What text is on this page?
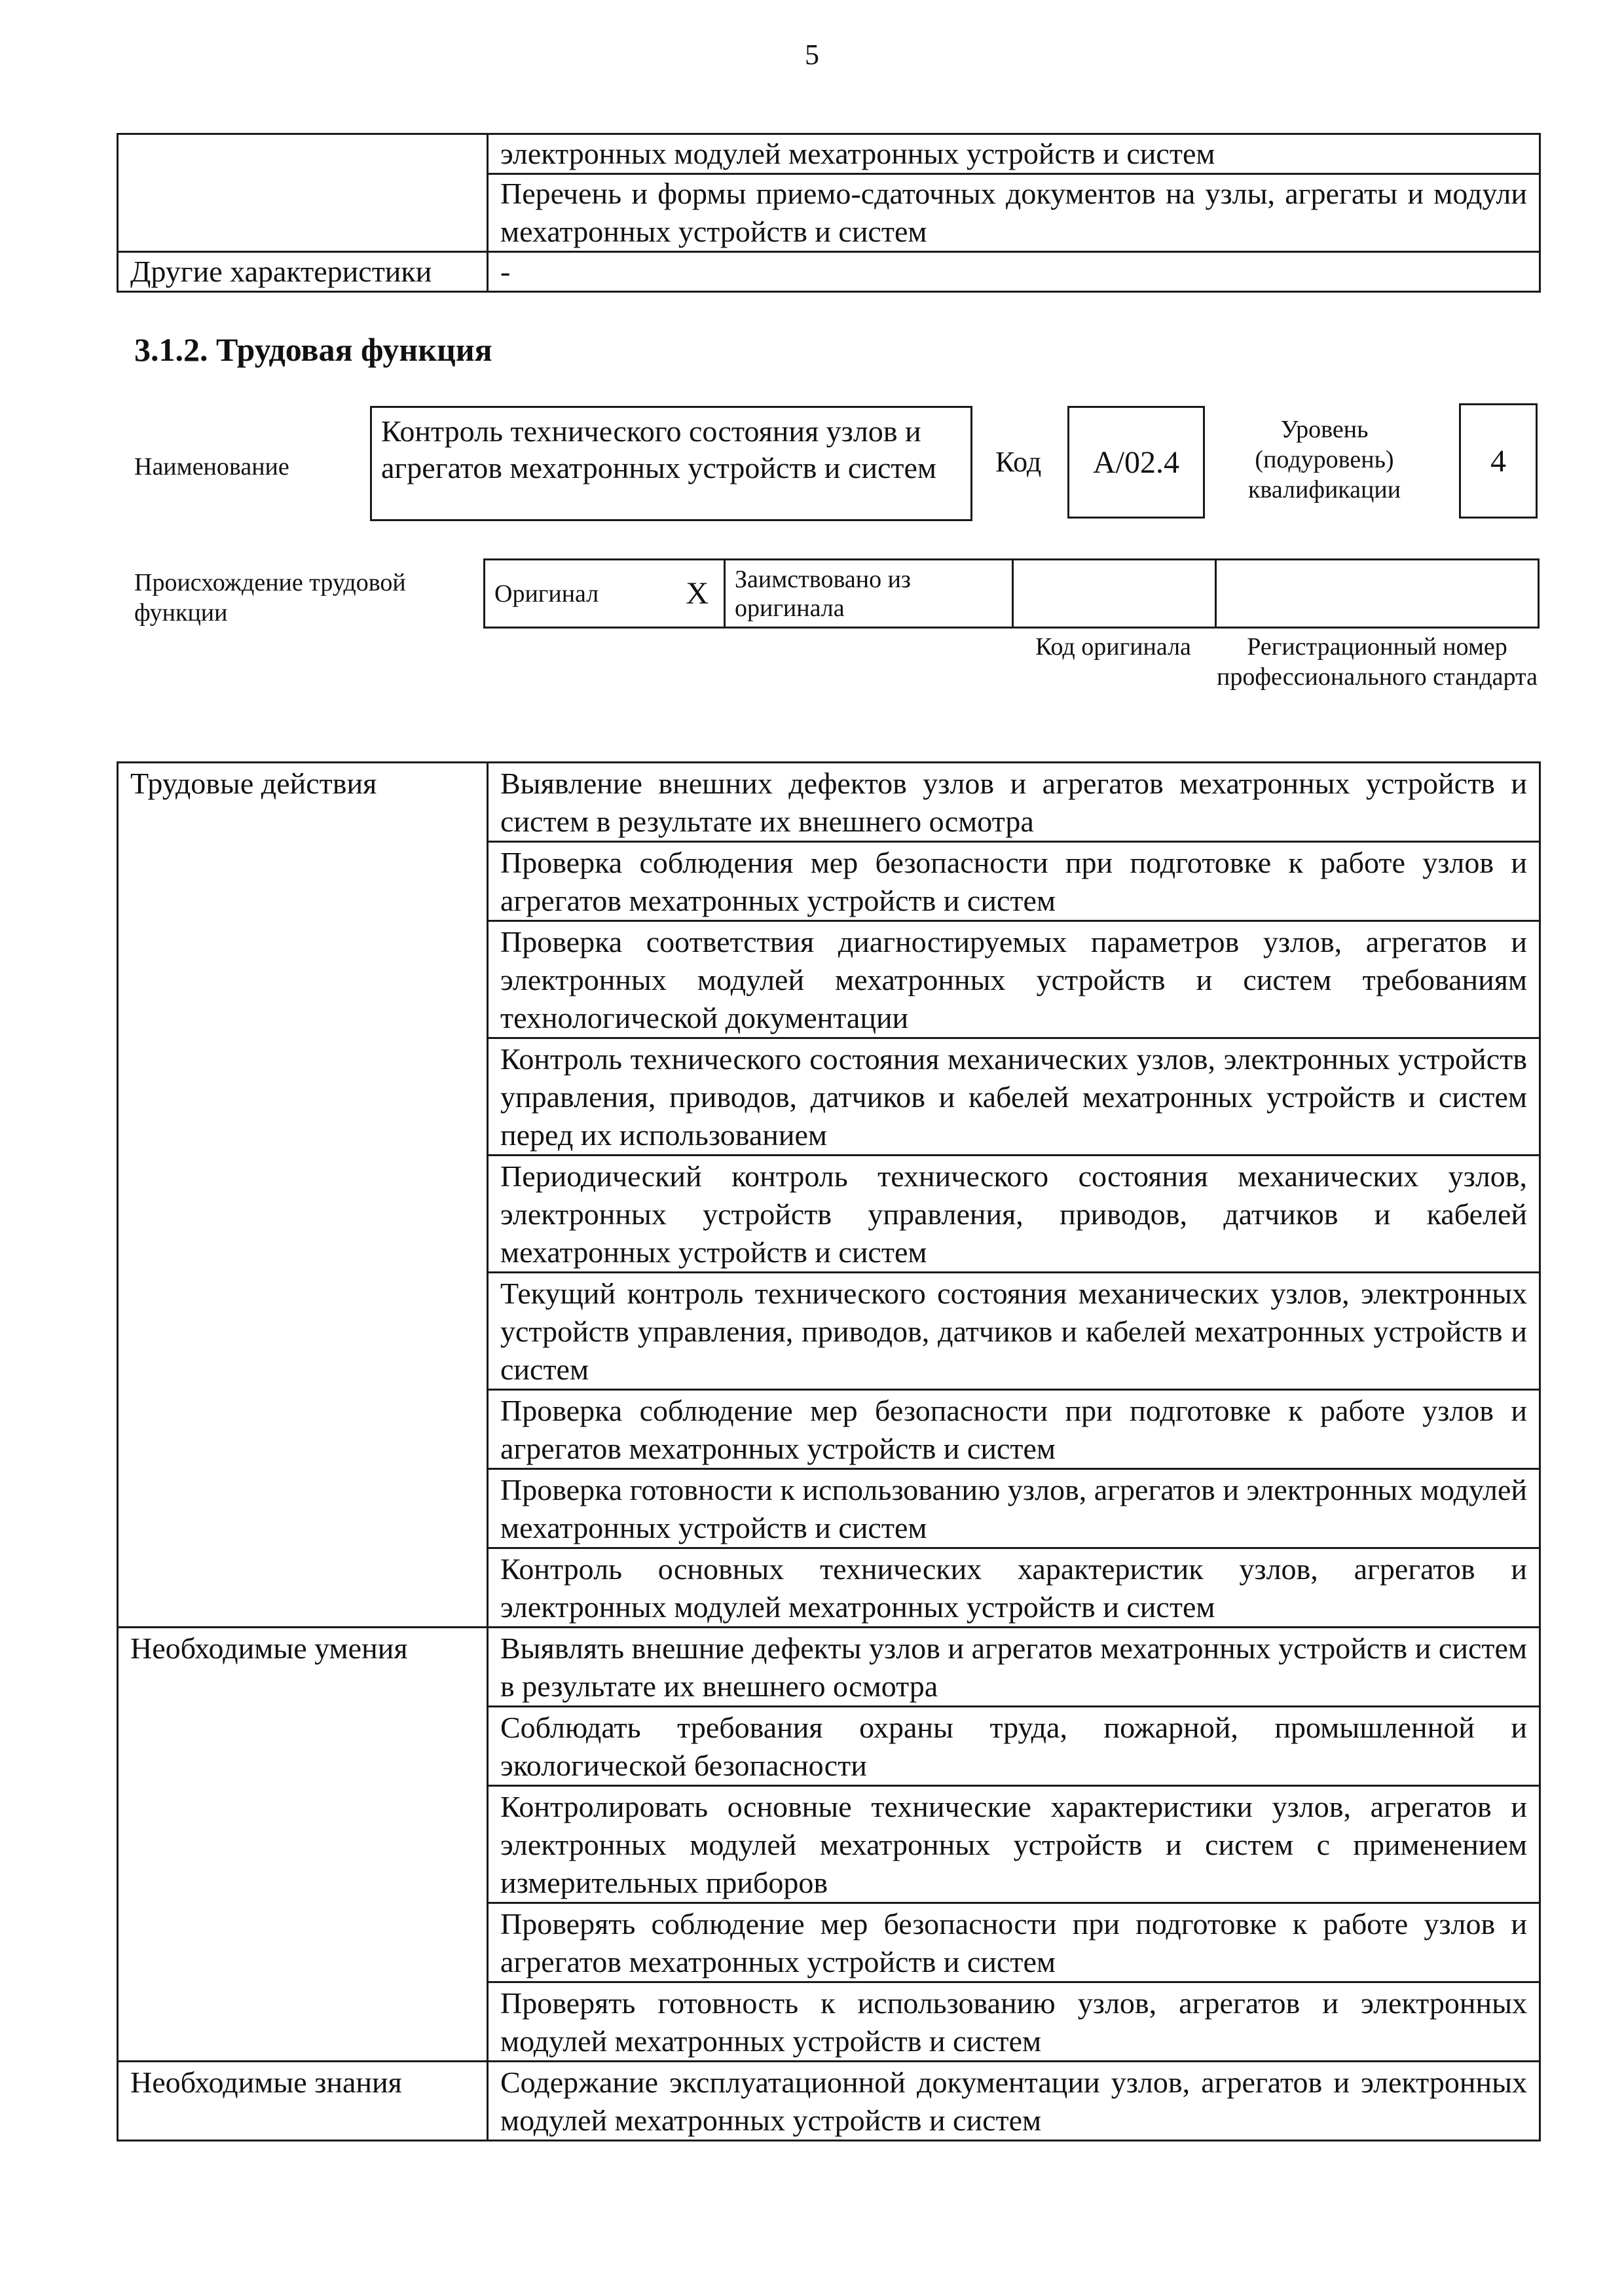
5
	электронных модулей мехатронных устройств и систем
	Перечень и формы приемо-сдаточных документов на узлы, агрегаты и модули мехатронных устройств и систем
Другие характеристики	-
3.1.2. Трудовая функция
Наименование
Контроль технического состояния узлов и агрегатов мехатронных устройств и систем	Код	A/02.4
Уровень (подуровень) квалификации
4
Происхождение трудовой функции
Оригинал	X	Заимствовано из оригинала		
Код оригинала	Регистрационный номер профессионального стандарта
Трудовые действия	Выявление внешних дефектов узлов и агрегатов мехатронных устройств и систем в результате их внешнего осмотра
	Проверка соблюдения мер безопасности при подготовке к работе узлов и агрегатов мехатронных устройств и систем
	Проверка соответствия диагностируемых параметров узлов, агрегатов и электронных модулей мехатронных устройств и систем требованиям технологической документации
	Контроль технического состояния механических узлов, электронных устройств управления, приводов, датчиков и кабелей мехатронных устройств и систем перед их использованием
	Периодический контроль технического состояния механических узлов, электронных устройств управления, приводов, датчиков и кабелей мехатронных устройств и систем
	Текущий контроль технического состояния механических узлов, электронных устройств управления, приводов, датчиков и кабелей мехатронных устройств и систем
	Проверка соблюдение мер безопасности при подготовке к работе узлов и агрегатов мехатронных устройств и систем
	Проверка готовности к использованию узлов, агрегатов и электронных модулей мехатронных устройств и систем
	Контроль основных технических характеристик узлов, агрегатов и электронных модулей мехатронных устройств и систем
Необходимые умения	Выявлять внешние дефекты узлов и агрегатов мехатронных устройств и систем в результате их внешнего осмотра
	Соблюдать требования охраны труда, пожарной, промышленной и экологической безопасности
	Контролировать основные технические характеристики узлов, агрегатов и электронных модулей мехатронных устройств и систем с применением измерительных приборов
	Проверять соблюдение мер безопасности при подготовке к работе узлов и агрегатов мехатронных устройств и систем
	Проверять готовность к использованию узлов, агрегатов и электронных модулей мехатронных устройств и систем
Необходимые знания	Содержание эксплуатационной документации узлов, агрегатов и электронных модулей мехатронных устройств и систем
